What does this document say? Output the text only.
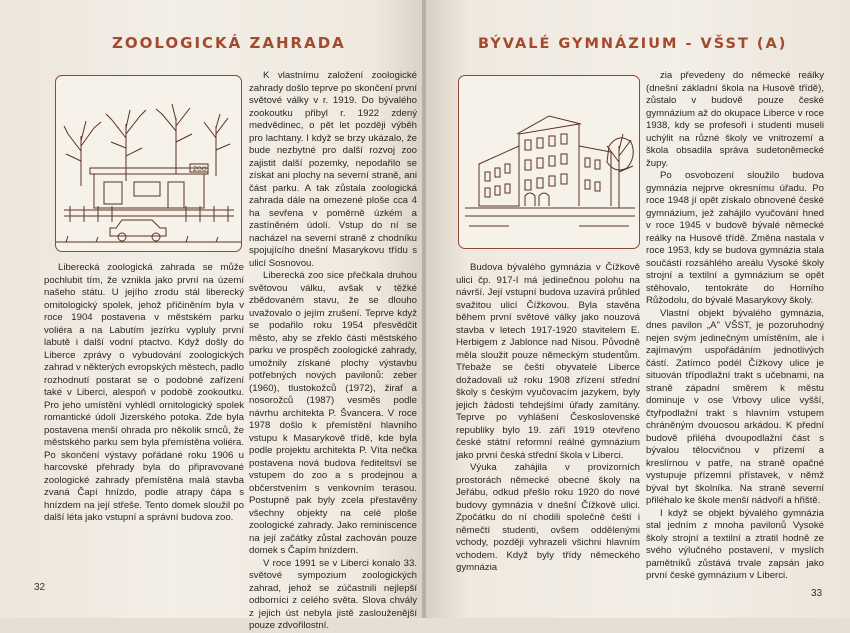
ZOOLOGICKÁ ZAHRADA
ZOO

Liberecká zoologická zahrada se může pochlubit tím, že vznikla jako první na území našeho státu. U jejího zrodu stál liberecký ornitologický spolek, jehož přičiněním byla v roce 1904 postavena v městském parku voliéra a na Labutím jezírku vypluly první labutě i další vodní ptactvo. Když došly do Liberce zprávy o vybudování zoologických zahrad v některých evropských městech, padlo rozhodnutí postarat se o podobné zařízení také v Liberci, alespoň v podobě zookoutku. Pro jeho umístění vyhlédl ornitologický spolek romantické údolí Jizerského potoka. Zde byla postavena menší ohrada pro několik srnců, že městského parku sem byla přemístěna voliéra. Po skončení výstavy pořádané roku 1906 u harcovské přehrady byla do připravované zoologické zahrady přemístěna malá stavba zvaná Čapí hnízdo, podle atrapy čápa s hnízdem na její střeše. Tento domek sloužil po další léta jako vstupní a správní budova zoo.

K vlastnímu založení zoologické zahrady došlo teprve po skončení první světové války v r. 1919. Do bývalého zookoutku přibyl r. 1922 zdený medvědinec, o pět let později výběh pro lachtany. I když se brzy ukázalo, že bude nezbytné pro další rozvoj zoo zajistit další pozemky, nepodařilo se získat ani plochy na severní straně, ani část parku. A tak zůstala zoologická zahrada dále na omezené ploše cca 4 ha sevřena v poměrně úzkém a zastíněném údolí. Vstup do ní se nacházel na severní straně z chodníku spojujícího dnešní Masarykovu třídu s ulicí Sosnovou.

Liberecká zoo sice přečkala druhou světovou válku, avšak v těžké zbědovaném stavu, že se dlouho uvažovalo o jejím zrušení. Teprve když se podařilo roku 1954 přesvědčit město, aby se zřeklo části městského parku ve prospěch zoologické zahrady, umožnily získané plochy výstavbu potřebných nových pavilonů: zeber (1960), tlustokožců (1972), žiraf a nosorožců (1987) vesměs podle návrhu architekta P. Švancera. V roce 1978 došlo k přemístění hlavního vstupu k Masarykově třídě, kde byla podle projektu architekta P. Víta nečka postavena nová budova řediteltsví se vstupem do zoo a s prodejnou a občerstvením s venkovním terasou. Postupně pak byly zcela přestavěny všechny objekty na celé ploše zoologické zahrady. Jako reminiscence na její začátky zůstal zachován pouze domek s Čapím hnízdem.

V roce 1991 se v Liberci konalo 33. světové sympozium zoologických zahrad, jehož se zúčastnili nejlepší odborníci z celého světa. Slova chvály z jejich úst nebyla jistě zaslouženější pouze zdvořilostní.

32
BÝVALÉ GYMNÁZIUM - VŠST (A)

Budova bývalého gymnázia v Čížkově ulici čp. 917-I má jedinečnou polohu na návrší. Její vstupní budova uzavírá průhled svažitou ulicí Čížkovou. Byla stavěna během první světové války jako nouzová stavba v letech 1917-1920 stavitelem E. Herbigem z Jablonce nad Nisou. Původně měla sloužit pouze německým studentům. Třebaže se čeští obyvatelé Liberce dožadovali už roku 1908 zřízení střední školy s českým vyučovacím jazykem, byly jejich žádosti tehdejšími úřady zamítány. Teprve po vyhlášení Československé republiky bylo 19. září 1919 otevřeno české státní reformní reálné gymnázium jako první česká střední škola v Liberci.

Výuka zahájila v provizorních prostorách německé obecné školy na Jeřábu, odkud přešlo roku 1920 do nové budovy gymnázia v dnešní Čížkově ulici. Zpočátku do ní chodili společně čeští i němečtí studenti, ovšem oddělenými vchody, později vyhrazeli všichni hlavním vchodem. Když byly třídy německého gymnázia

zia převedeny do německé reálky (dnešní základní škola na Husově třídě), zůstalo v budově pouze české gymnázium až do okupace Liberce v roce 1938, kdy se profesoři i studenti museli uchýlit na různé školy ve vnitrozemí a škola obsadila správa sudetoněmecké župy.

Po osvobození sloužilo budova gymnázia nejprve okresnímu úřadu. Po roce 1948 jí opět získalo obnovené české gymnázium, jež zahájilo vyučování hned v roce 1945 v budově bývalé německé reálky na Husově třídě. Změna nastala v roce 1953, kdy se budova gymnázia stala součástí rozsáhlého areálu Vysoké školy strojní a textilní a gymnázium se opět stěhovalo, tentokráte do Horního Růžodolu, do bývalé Masarykovy školy.

Vlastní objekt bývalého gymnázia, dnes pavilon „A" VŠST, je pozoruhodný nejen svým jedinečným umístěním, ale i zajímavým uspořádáním jednotlivých částí. Zatímco podél Čížkovy ulice je situován třípodlažní trakt s učebnami, na straně západní směrem k městu dominuje v ose Vrbovy ulice vyšší, čtyřpodlažní trakt s hlavním vstupem chráněným dvouosou arkádou. K přední budově přiléhá dvoupodlažní část s bývalou tělocvičnou v přízemí a kreslírnou v patře, na straně opačné vystupuje přízemní přístavek, v němž býval byt školníka. Na straně severní přiléhalo ke škole menší nádvoří a hřiště.

I když se objekt bývalého gymnázia stal jedním z mnoha pavilonů Vysoké školy strojní a textilní a ztratil hodně ze svého výlučného postavení, v myslích pamětníků zůstává trvale zapsán jako první české gymnázium v Liberci.

33
